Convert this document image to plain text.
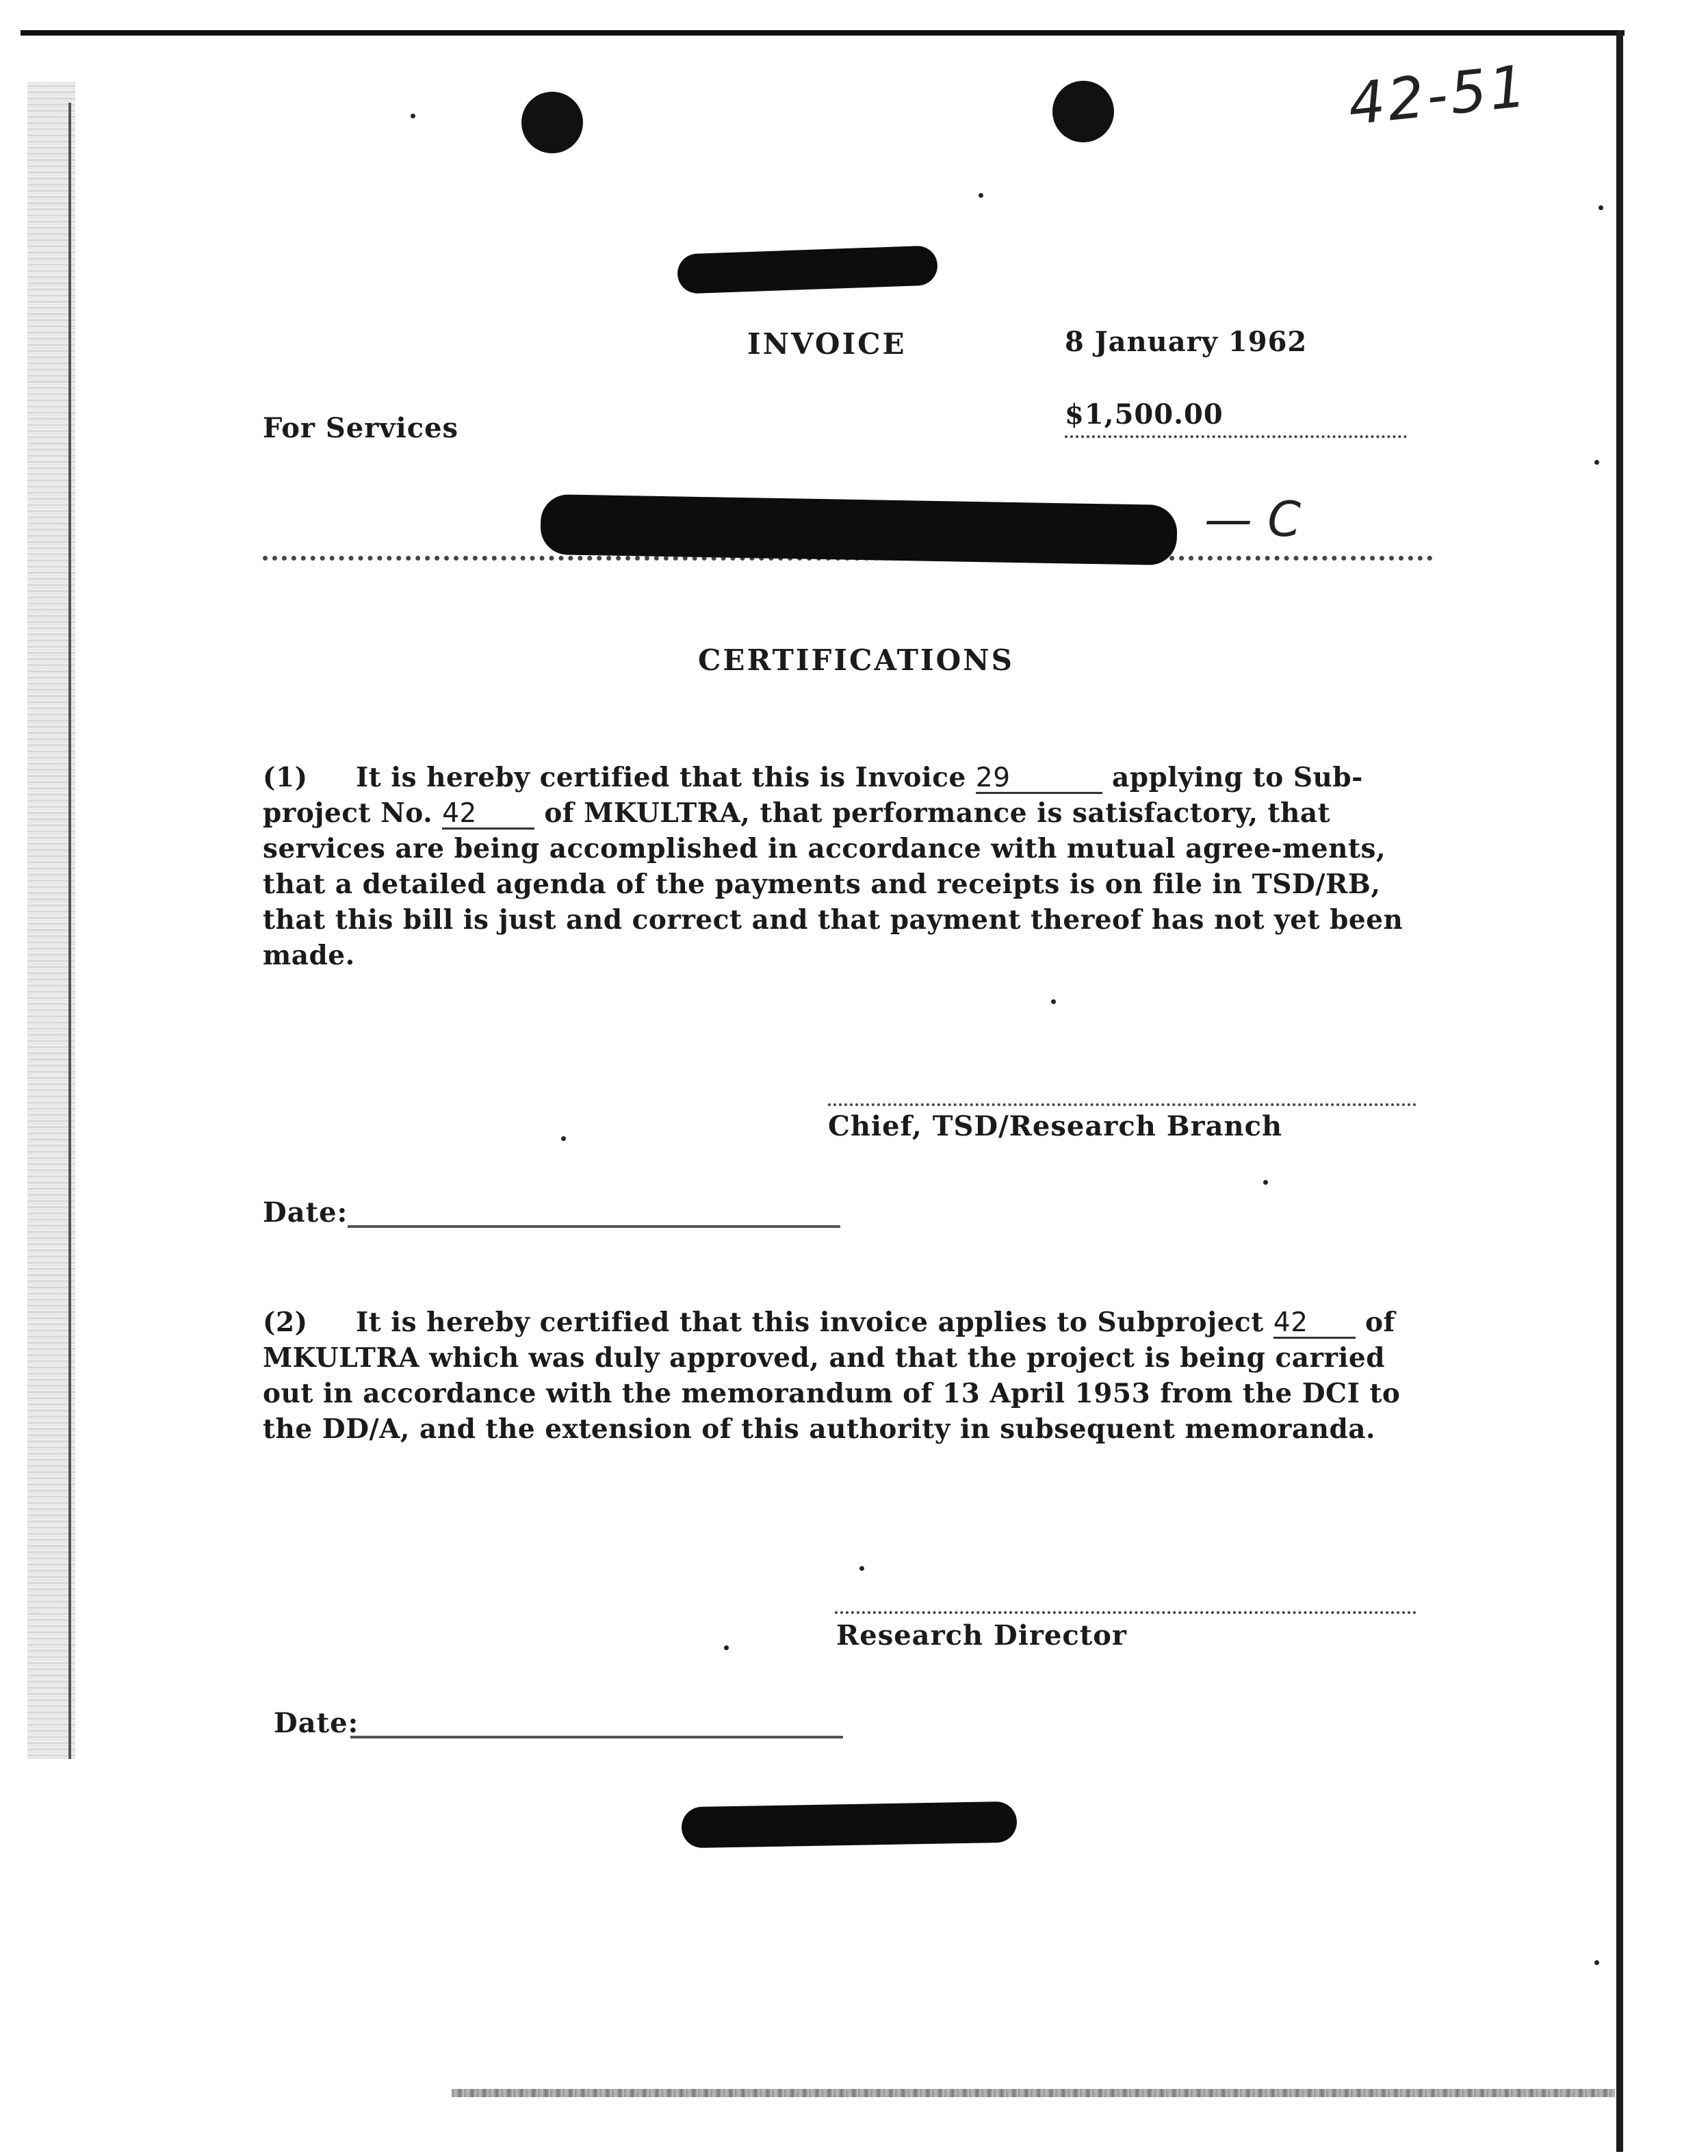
42-51
INVOICE	8 January 1962
For Services	$1,500.00
— C
CERTIFICATIONS
(1) It is hereby certified that this is Invoice 29	applying to Sub-project No. 42	of MKULTRA, that performance is satisfactory, that services are being accomplished in accordance with mutual agree-ments, that a detailed agenda of the payments and receipts is on file in TSD/RB, that this bill is just and correct and that payment thereof has not yet been made.
Chief, TSD/Research Branch
Date:
(2) It is hereby certified that this invoice applies to Subproject 42 of MKULTRA which was duly approved, and that the project is being carried out in accordance with the memorandum of 13 April 1953 from the DCI to the DD/A, and the extension of this authority in subsequent memoranda.
Research Director
Date:
